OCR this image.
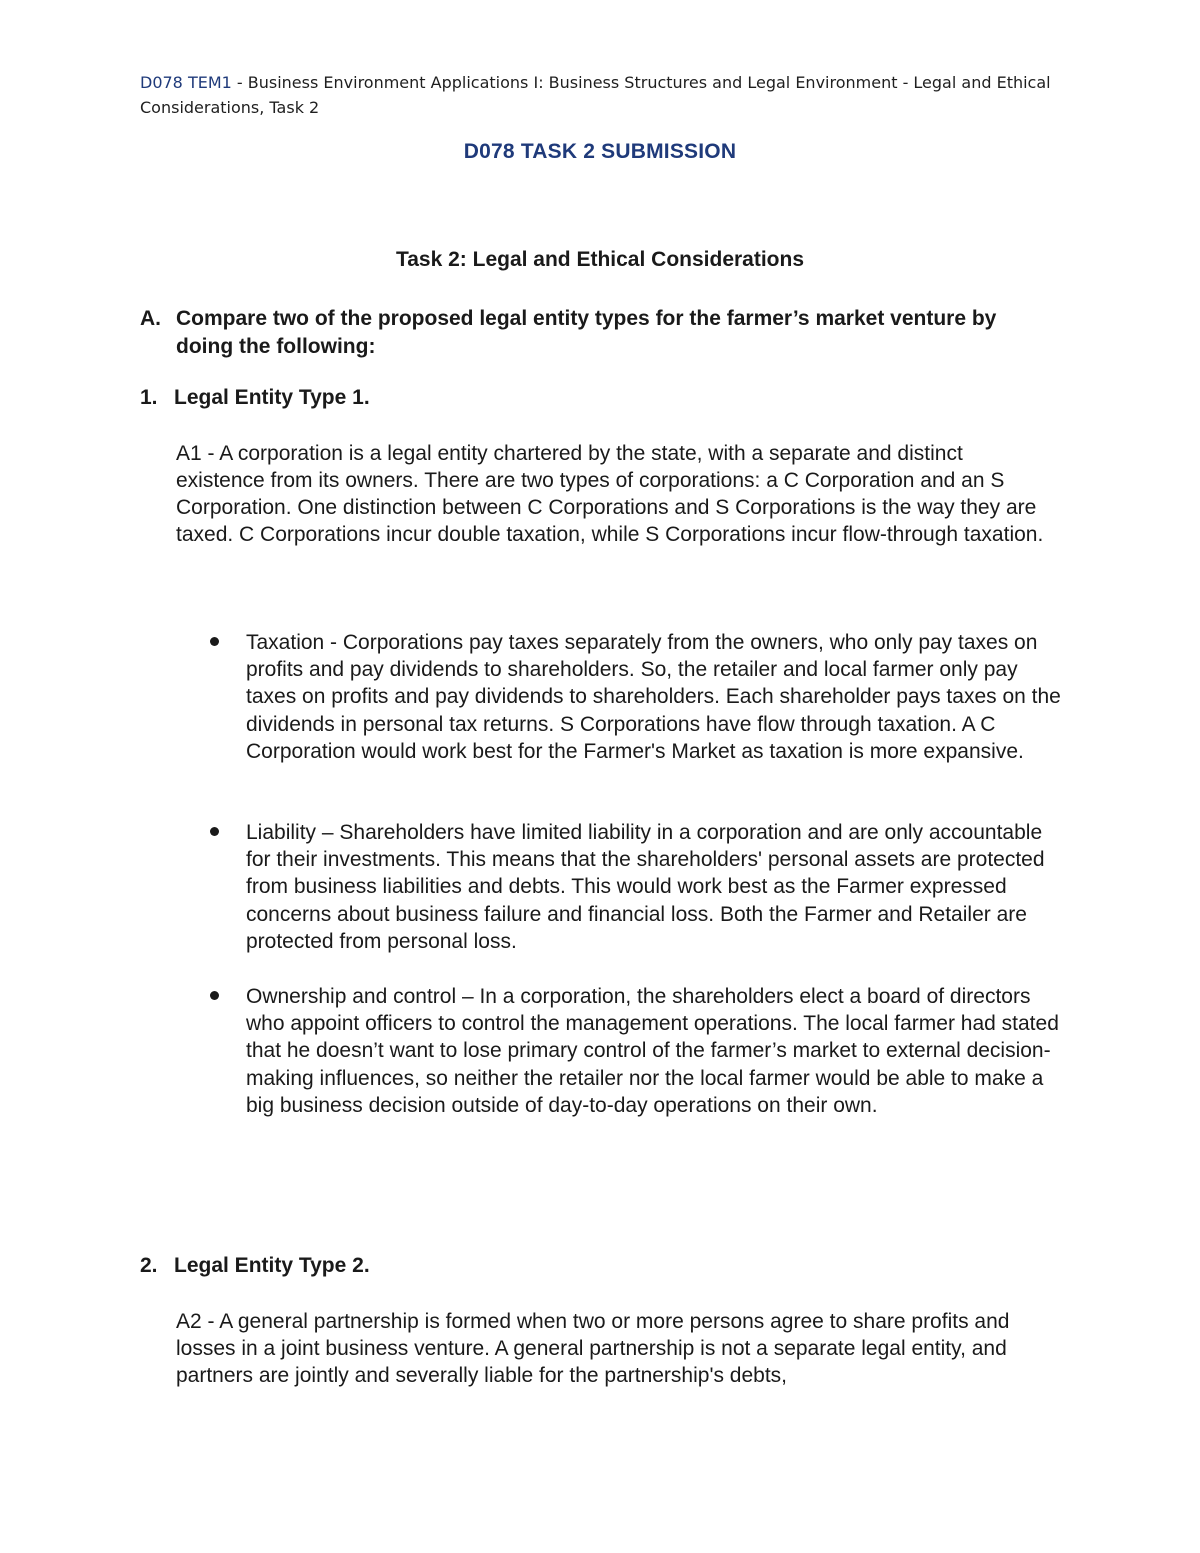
D078 TEM1 - Business Environment Applications I: Business Structures and Legal Environment - Legal and Ethical
Considerations, Task 2
D078 TASK 2 SUBMISSION
Task 2: Legal and Ethical Considerations
A. Compare two of the proposed legal entity types for the farmer’s market venture by doing the following:
1. Legal Entity Type 1.
A1 - A corporation is a legal entity chartered by the state, with a separate and distinct existence from its owners. There are two types of corporations: a C Corporation and an S Corporation. One distinction between C Corporations and S Corporations is the way they are taxed. C Corporations incur double taxation, while S Corporations incur flow-through taxation.
Taxation - Corporations pay taxes separately from the owners, who only pay taxes on profits and pay dividends to shareholders. So, the retailer and local farmer only pay taxes on profits and pay dividends to shareholders. Each shareholder pays taxes on the dividends in personal tax returns. S Corporations have flow through taxation. A C Corporation would work best for the Farmer's Market as taxation is more expansive.
Liability – Shareholders have limited liability in a corporation and are only accountable for their investments. This means that the shareholders' personal assets are protected from business liabilities and debts. This would work best as the Farmer expressed concerns about business failure and financial loss. Both the Farmer and Retailer are protected from personal loss.
Ownership and control – In a corporation, the shareholders elect a board of directors who appoint officers to control the management operations. The local farmer had stated that he doesn’t want to lose primary control of the farmer’s market to external decision-making influences, so neither the retailer nor the local farmer would be able to make a big business decision outside of day-to-day operations on their own.
2. Legal Entity Type 2.
A2 - A general partnership is formed when two or more persons agree to share profits and losses in a joint business venture. A general partnership is not a separate legal entity, and partners are jointly and severally liable for the partnership's debts,
